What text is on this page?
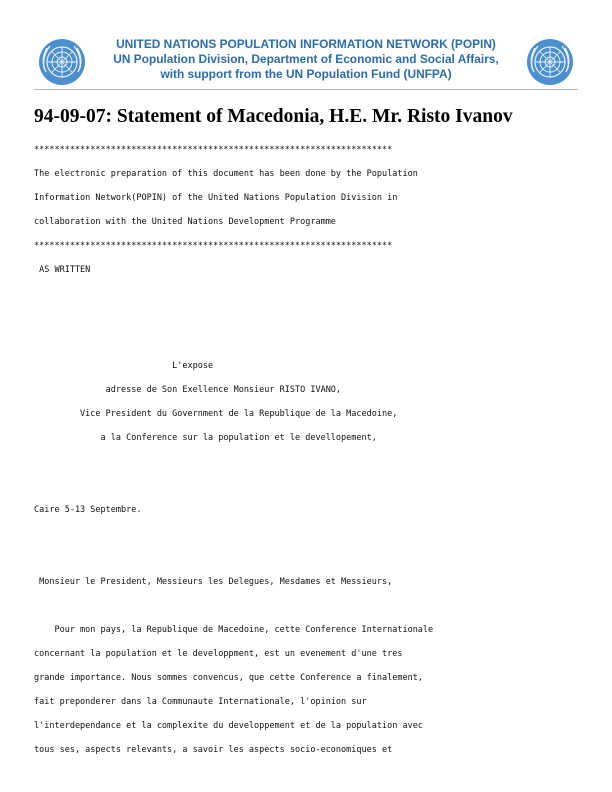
UNITED NATIONS POPULATION INFORMATION NETWORK (POPIN)
UN Population Division, Department of Economic and Social Affairs,
with support from the UN Population Fund (UNFPA)
94-09-07: Statement of Macedonia, H.E. Mr. Risto Ivanov
**********************************************************************
The electronic preparation of this document has been done by the Population
Information Network(POPIN) of the United Nations Population Division in
collaboration with the United Nations Development Programme
**********************************************************************
AS WRITTEN
L'expose
adresse de Son Exellence Monsieur RISTO IVANO,
Vice President du Government de la Republique de la Macedoine,
a la Conference sur la population et le devellopement,
Caire 5-13 Septembre.
Monsieur le President, Messieurs les Delegues, Mesdames et Messieurs,
Pour mon pays, la Republique de Macedoine, cette Conference Internationale
concernant la population et le developpment, est un evenement d'une tres
grande importance. Nous sommes convencus, que cette Conference a finalement,
fait preponderer dans la Communaute Internationale, l'opinion sur
l'interdependance et la complexite du developpement et de la population avec
tous ses, aspects relevants, a savoir les aspects socio-economiques et
